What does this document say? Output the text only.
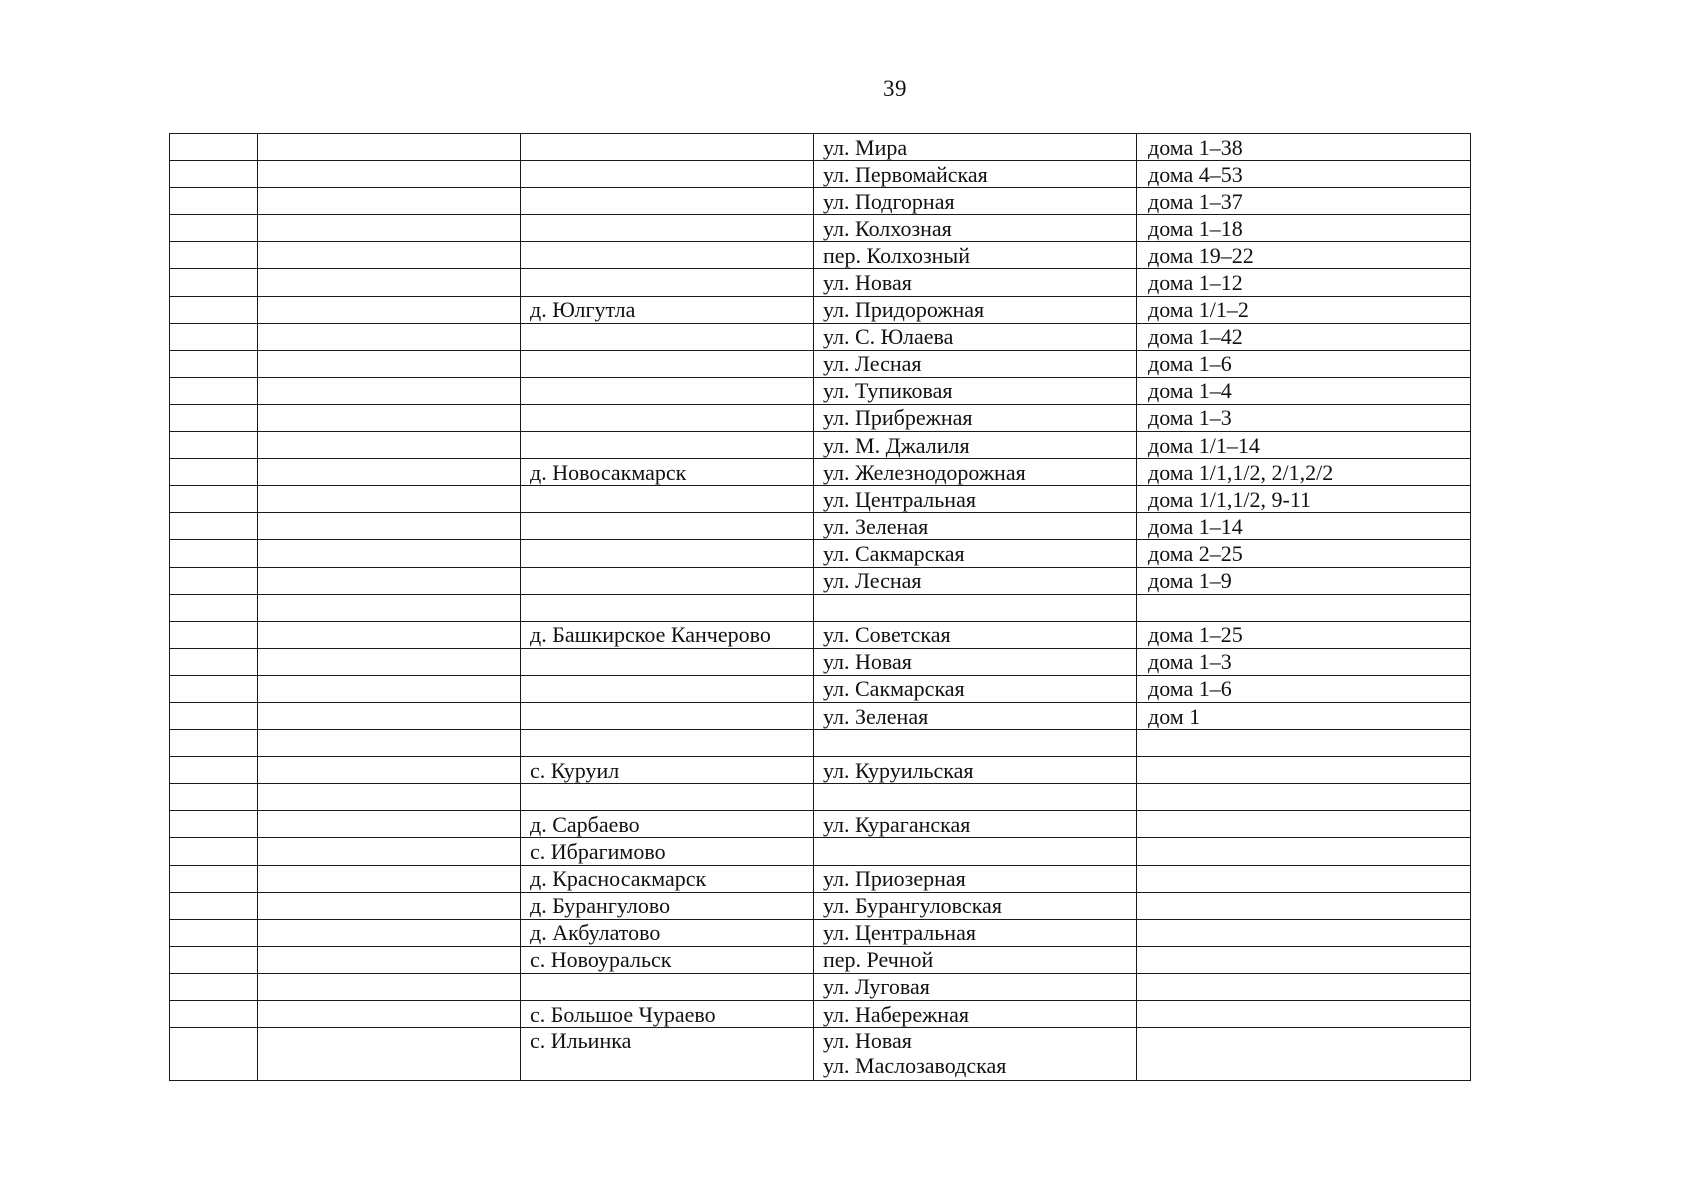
39

			ул. Мира	дома 1–38

			ул. Первомайская	дома 4–53

			ул. Подгорная	дома 1–37

			ул. Колхозная	дома 1–18

			пер. Колхозный	дома 19–22

			ул. Новая	дома 1–12
		д. Юлгутла	ул. Придорожная	дома 1/1–2

			ул. С. Юлаева	дома 1–42

			ул. Лесная	дома 1–6

			ул. Тупиковая	дома 1–4

			ул. Прибрежная	дома 1–3

			ул. М. Джалиля	дома 1/1–14
		д. Новосакмарск	ул. Железнодорожная	дома 1/1,1/2, 2/1,2/2

			ул. Центральная	дома 1/1,1/2, 9-11

			ул. Зеленая	дома 1–14

			ул. Сакмарская	дома 2–25

			ул. Лесная	дома 1–9

		д. Башкирское Канчерово	ул. Советская	дома 1–25

			ул. Новая	дома 1–3

			ул. Сакмарская	дома 1–6

			ул. Зеленая	дом 1

		с. Куруил	ул. Куруильская	

		д. Сарбаево	ул. Кураганская	

		с. Ибрагимово	

		д. Красносакмарск	ул. Приозерная	

		д. Бурангулово	ул. Бурангуловская	

		д. Акбулатово	ул. Центральная	

		с. Новоуральск	пер. Речной	

			ул. Луговая	

		с. Большое Чураево	ул. Набережная	

		с. Ильинка	ул. Новая
ул. Маслозаводская	
